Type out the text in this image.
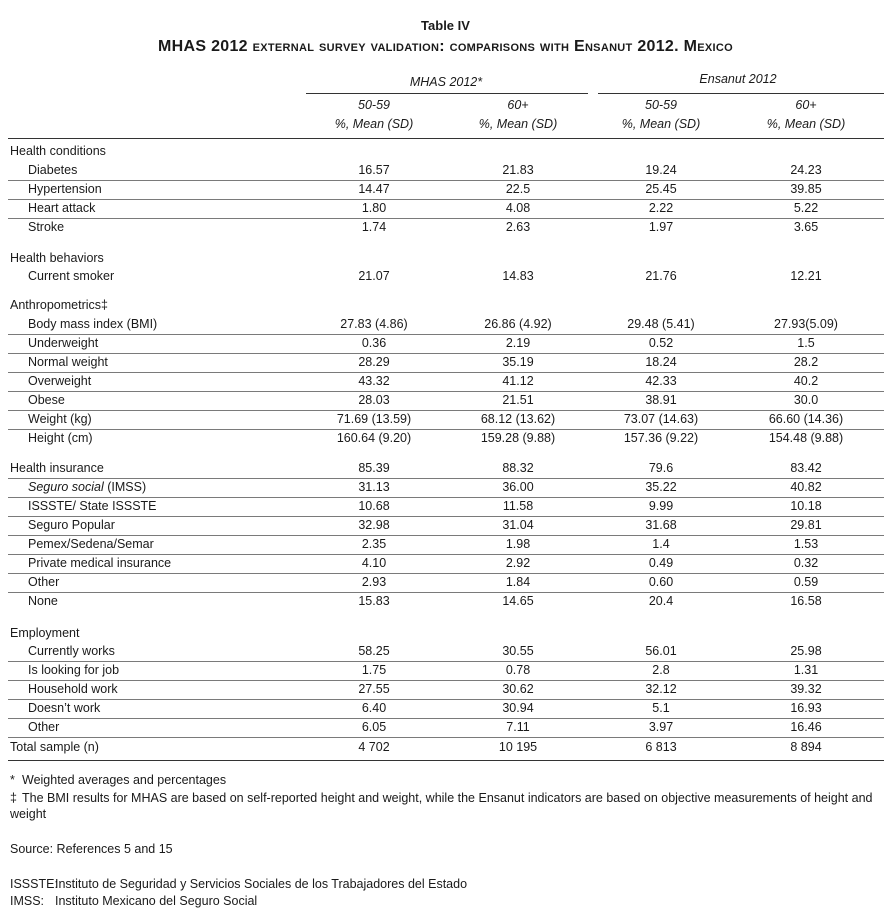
Table IV
MHAS 2012 external survey validation: comparisons with Ensanut 2012. Mexico
MHAS 2012*	Ensanut 2012
50-59	60+	50-59	60+
%, Mean (SD)	%, Mean (SD)	%, Mean (SD)	%, Mean (SD)
Health conditions
Diabetes	16.57	21.83	19.24	24.23
Hypertension	14.47	22.5	25.45	39.85
Heart attack	1.80	4.08	2.22	5.22
Stroke	1.74	2.63	1.97	3.65
Health behaviors
Current smoker	21.07	14.83	21.76	12.21
Anthropometrics‡
Body mass index (BMI)	27.83 (4.86)	26.86 (4.92)	29.48 (5.41)	27.93(5.09)
Underweight	0.36	2.19	0.52	1.5
Normal weight	28.29	35.19	18.24	28.2
Overweight	43.32	41.12	42.33	40.2
Obese	28.03	21.51	38.91	30.0
Weight (kg)	71.69 (13.59)	68.12 (13.62)	73.07 (14.63)	66.60 (14.36)
Height (cm)	160.64 (9.20)	159.28 (9.88)	157.36 (9.22)	154.48 (9.88)
Health insurance	85.39	88.32	79.6	83.42
Seguro social (IMSS)	31.13	36.00	35.22	40.82
ISSSTE/ State ISSSTE	10.68	11.58	9.99	10.18
Seguro Popular	32.98	31.04	31.68	29.81
Pemex/Sedena/Semar	2.35	1.98	1.4	1.53
Private medical insurance	4.10	2.92	0.49	0.32
Other	2.93	1.84	0.60	0.59
None	15.83	14.65	20.4	16.58
Employment
Currently works	58.25	30.55	56.01	25.98
Is looking for job	1.75	0.78	2.8	1.31
Household work	27.55	30.62	32.12	39.32
Doesn’t work	6.40	30.94	5.1	16.93
Other	6.05	7.11	3.97	16.46
Total sample (n)	4 702	10 195	6 813	8 894
* Weighted averages and percentages
‡ The BMI results for MHAS are based on self-reported height and weight, while the Ensanut indicators are based on objective measurements of height and weight
Source: References 5 and 15
ISSSTE:Instituto de Seguridad y Servicios Sociales de los Trabajadores del Estado
IMSS: Instituto Mexicano del Seguro Social
